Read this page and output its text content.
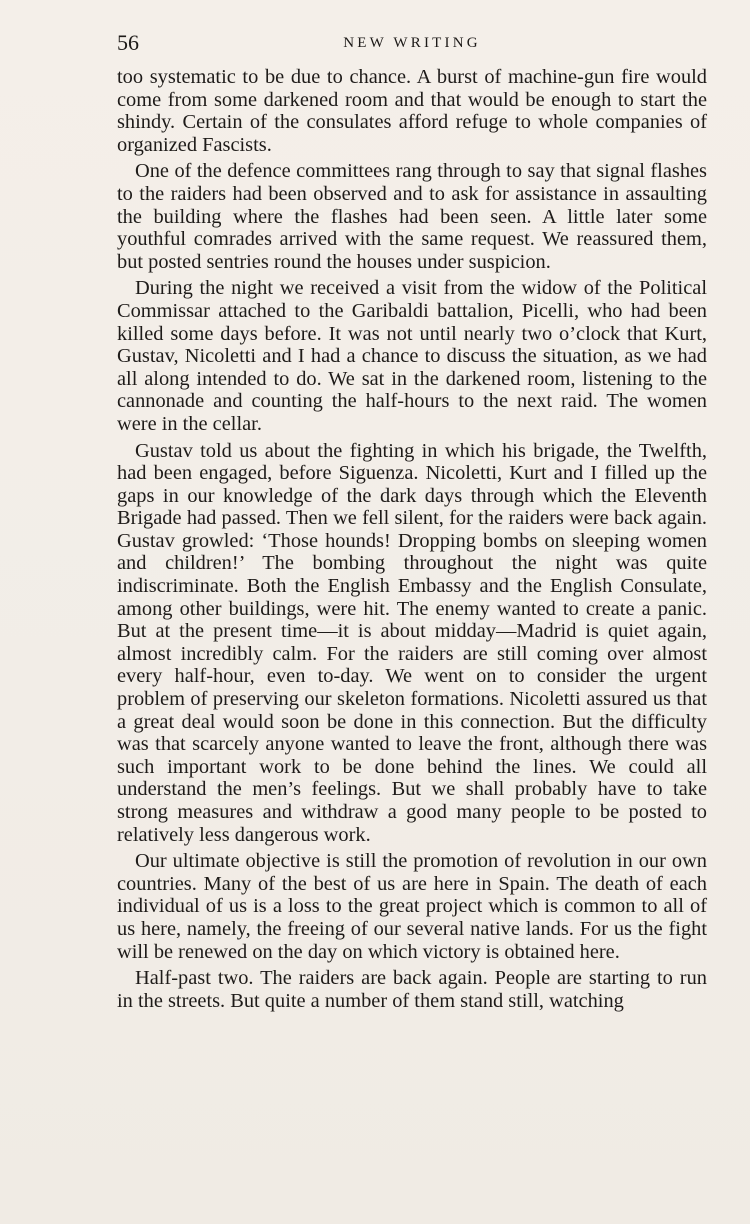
56	NEW WRITING

too systematic to be due to chance. A burst of machine-gun fire would come from some darkened room and that would be enough to start the shindy. Certain of the consulates afford refuge to whole companies of organized Fascists.

One of the defence committees rang through to say that signal flashes to the raiders had been observed and to ask for assistance in assaulting the building where the flashes had been seen. A little later some youthful comrades arrived with the same request. We reassured them, but posted sentries round the houses under suspicion.

During the night we received a visit from the widow of the Political Commissar attached to the Garibaldi battalion, Picelli, who had been killed some days before. It was not until nearly two o’clock that Kurt, Gustav, Nicoletti and I had a chance to discuss the situation, as we had all along intended to do. We sat in the darkened room, listening to the cannonade and counting the half-hours to the next raid. The women were in the cellar.

Gustav told us about the fighting in which his brigade, the Twelfth, had been engaged, before Siguenza. Nicoletti, Kurt and I filled up the gaps in our knowledge of the dark days through which the Eleventh Brigade had passed. Then we fell silent, for the raiders were back again. Gustav growled: ‘Those hounds! Dropping bombs on sleeping women and children!’ The bombing throughout the night was quite indiscriminate. Both the English Embassy and the English Consulate, among other buildings, were hit. The enemy wanted to create a panic. But at the present time—it is about midday—Madrid is quiet again, almost incredibly calm. For the raiders are still coming over almost every half-hour, even to-day. We went on to consider the urgent problem of preserving our skeleton formations. Nicoletti assured us that a great deal would soon be done in this connection. But the difficulty was that scarcely anyone wanted to leave the front, although there was such important work to be done behind the lines. We could all understand the men’s feelings. But we shall probably have to take strong measures and withdraw a good many people to be posted to relatively less dangerous work.

Our ultimate objective is still the promotion of revolution in our own countries. Many of the best of us are here in Spain. The death of each individual of us is a loss to the great project which is common to all of us here, namely, the freeing of our several native lands. For us the fight will be renewed on the day on which victory is obtained here.

Half-past two. The raiders are back again. People are starting to run in the streets. But quite a number of them stand still, watching
